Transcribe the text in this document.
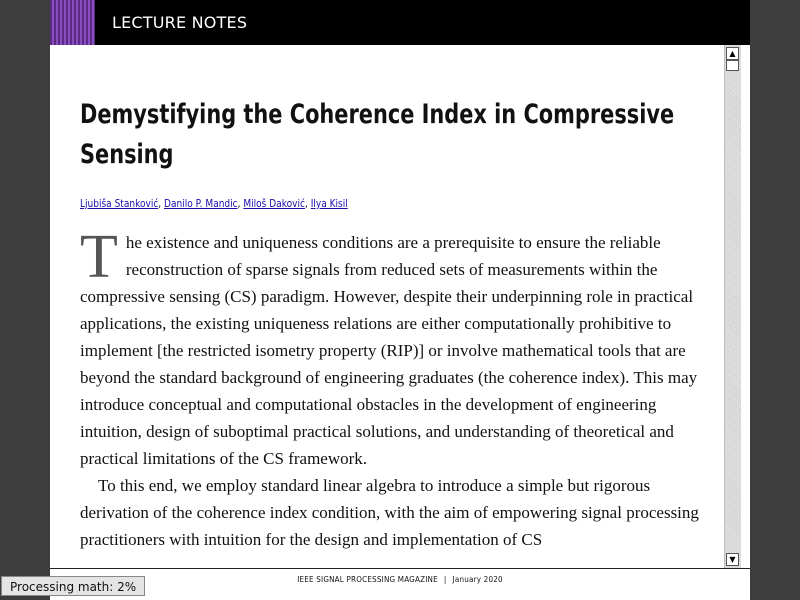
LECTURE NOTES
Demystifying the Coherence Index in Compressive Sensing
Ljubiša Stanković, Danilo P. Mandic, Miloš Daković, Ilya Kisil

The existence and uniqueness conditions are a prerequisite to ensure the reliable reconstruction of sparse signals from reduced sets of measurements within the compressive sensing (CS) paradigm. However, despite their underpinning role in practical applications, the existing uniqueness relations are either computationally prohibitive to implement [the restricted isometry property (RIP)] or involve mathematical tools that are beyond the standard background of engineering graduates (the coherence index). This may introduce conceptual and computational obstacles in the development of engineering intuition, design of suboptimal practical solutions, and understanding of theoretical and practical limitations of the CS framework.

To this end, we employ standard linear algebra to introduce a simple but rigorous derivation of the coherence index condition, with the aim of empowering signal processing practitioners with intuition for the design and implementation of CS

▲
▼
IEEE SIGNAL PROCESSING MAGAZINE | January 2020
Processing math: 2%
